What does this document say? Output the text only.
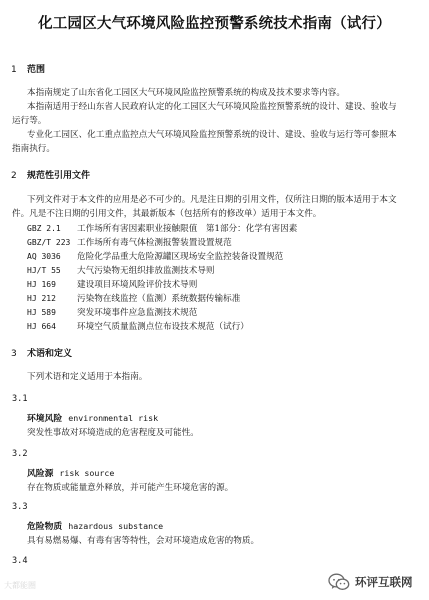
化工园区大气环境风险监控预警系统技术指南（试行）
1 范围
本指南规定了山东省化工园区大气环境风险监控预警系统的构成及技术要求等内容。
本指南适用于经山东省人民政府认定的化工园区大气环境风险监控预警系统的设计、建设、验收与
运行等。
专业化工园区、化工重点监控点大气环境风险监控预警系统的设计、建设、验收与运行等可参照本
指南执行。
2 规范性引用文件
下列文件对于本文件的应用是必不可少的。凡是注日期的引用文件，仅所注日期的版本适用于本文
件。凡是不注日期的引用文件，其最新版本（包括所有的修改单）适用于本文件。
GBZ 2.1 工作场所有害因素职业接触限值　第1部分：化学有害因素
GBZ/T 223 工作场所有毒气体检测报警装置设置规范
AQ 3036 危险化学品重大危险源罐区现场安全监控装备设置规范
HJ/T 55 大气污染物无组织排放监测技术导则
HJ 169 建设项目环境风险评价技术导则
HJ 212 污染物在线监控（监测）系统数据传输标准
HJ 589 突发环境事件应急监测技术规范
HJ 664 环境空气质量监测点位布设技术规范（试行）
3 术语和定义
下列术语和定义适用于本指南。
3.1
环境风险 environmental risk
突发性事故对环境造成的危害程度及可能性。
3.2
风险源 risk source
存在物质或能量意外释放，并可能产生环境危害的源。
3.3
危险物质 hazardous substance
具有易燃易爆、有毒有害等特性，会对环境造成危害的物质。
3.4
大都能圈	环评互联网
